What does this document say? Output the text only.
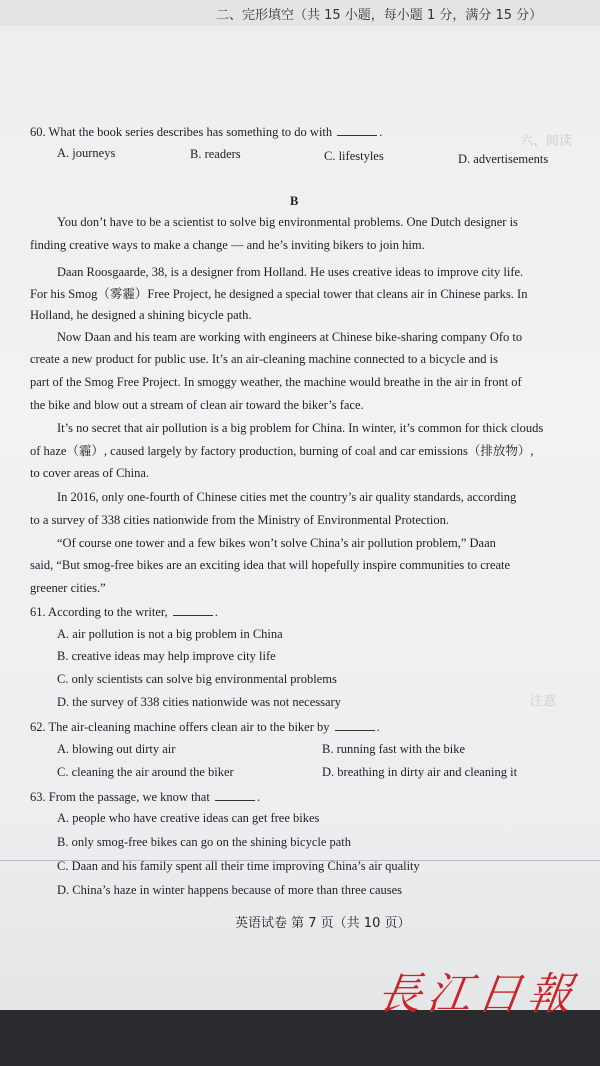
二、完形填空（共 15 小题，每小题 1 分，满分 15 分）
六、阅读
注意
60. What the book series describes has something to do with	.
A. journeys	B. readers	C. lifestyles	D. advertisements
B
You don’t have to be a scientist to solve big environmental problems. One Dutch designer is
finding creative ways to make a change — and he’s inviting bikers to join him.
Daan Roosgaarde, 38, is a designer from Holland. He uses creative ideas to improve city life.
For his Smog（雾霾）Free Project, he designed a special tower that cleans air in Chinese parks. In
Holland, he designed a shining bicycle path.
Now Daan and his team are working with engineers at Chinese bike-sharing company Ofo to
create a new product for public use. It’s an air-cleaning machine connected to a bicycle and is
part of the Smog Free Project. In smoggy weather, the machine would breathe in the air in front of
the bike and blow out a stream of clean air toward the biker’s face.
It’s no secret that air pollution is a big problem for China. In winter, it’s common for thick clouds
of haze（霾）, caused largely by factory production, burning of coal and car emissions（排放物）,
to cover areas of China.
In 2016, only one-fourth of Chinese cities met the country’s air quality standards, according
to a survey of 338 cities nationwide from the Ministry of Environmental Protection.
“Of course one tower and a few bikes won’t solve China’s air pollution problem,” Daan
said, “But smog-free bikes are an exciting idea that will hopefully inspire communities to create
greener cities.”
61. According to the writer,	.
A. air pollution is not a big problem in China
B. creative ideas may help improve city life
C. only scientists can solve big environmental problems
D. the survey of 338 cities nationwide was not necessary
62. The air-cleaning machine offers clean air to the biker by	.
A. blowing out dirty air	B. running fast with the bike
C. cleaning the air around the biker	D. breathing in dirty air and cleaning it
63. From the passage, we know that	.
A. people who have creative ideas can get free bikes
B. only smog-free bikes can go on the shining bicycle path
C. Daan and his family spent all their time improving China’s air quality
D. China’s haze in winter happens because of more than three causes
英语试卷 第 7 页（共 10 页）
長江日報
